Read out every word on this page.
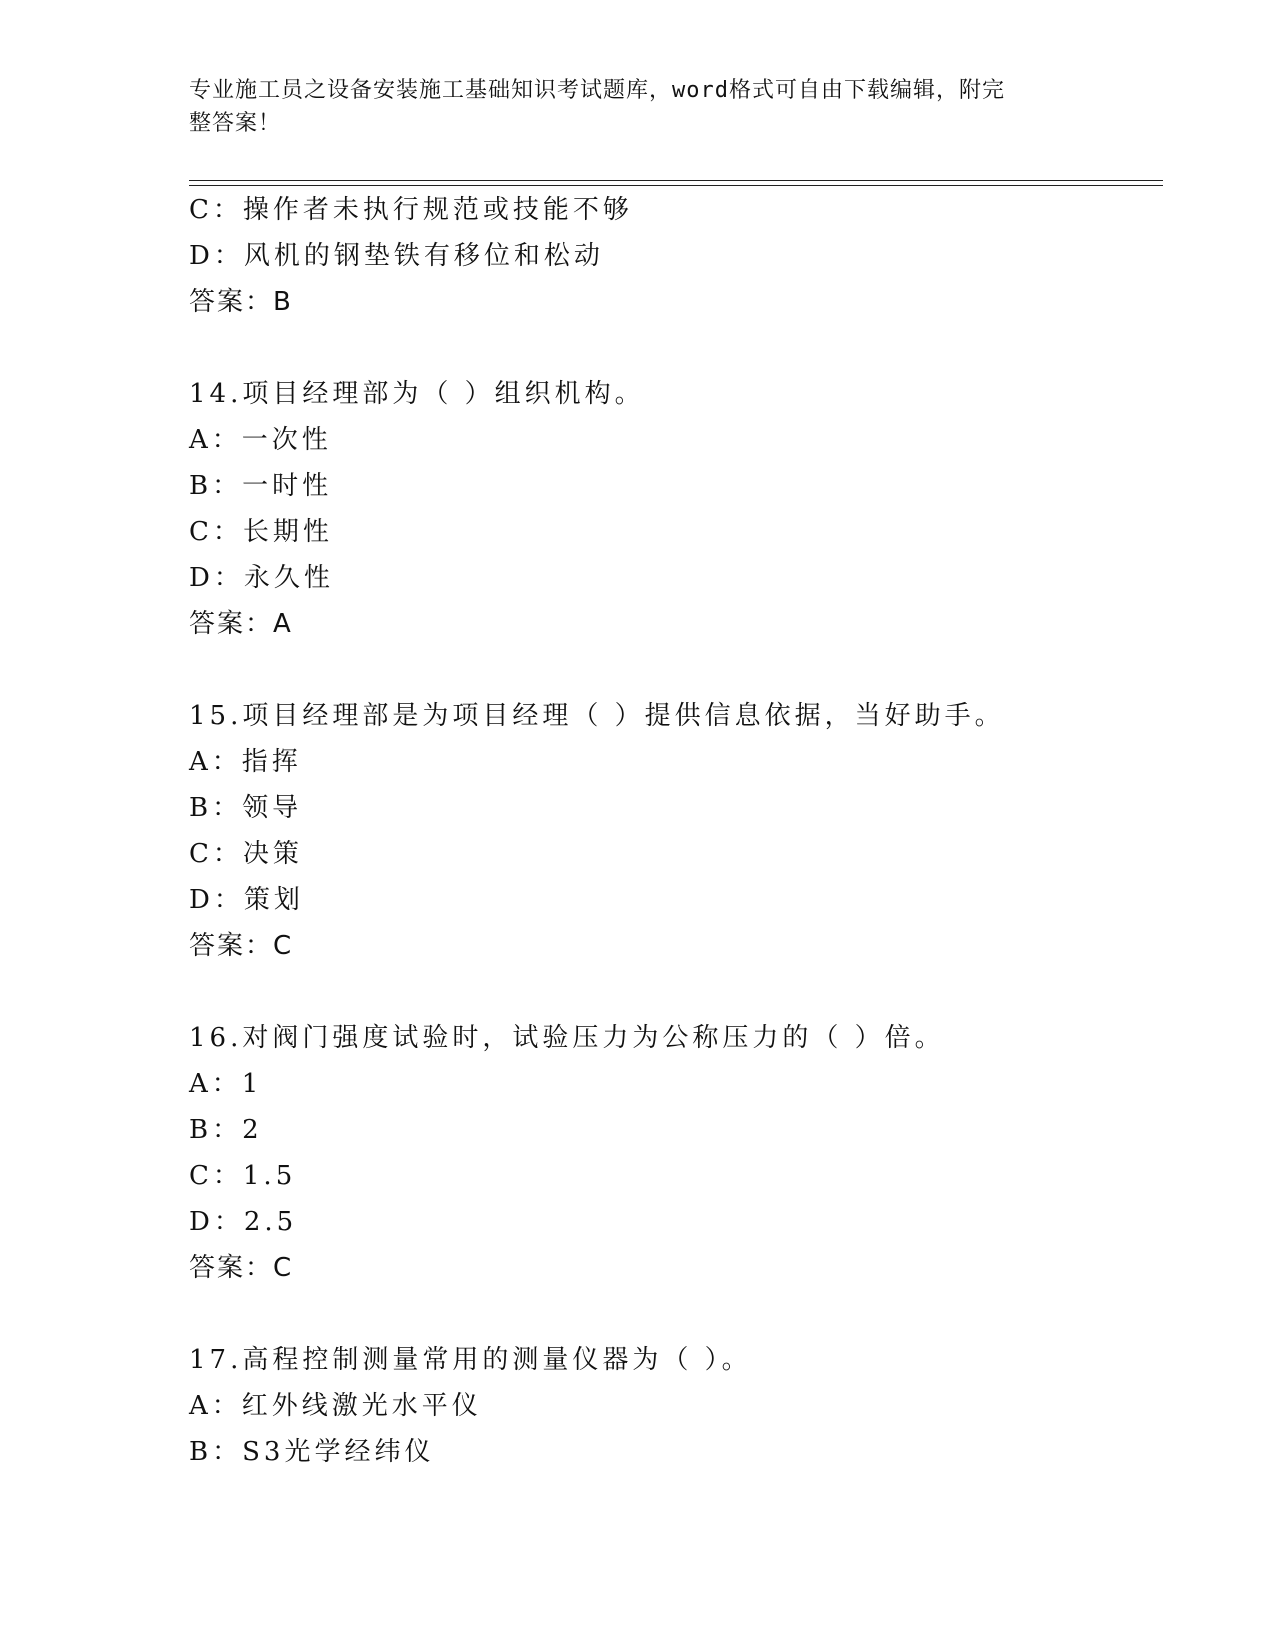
专业施工员之设备安装施工基础知识考试题库，word格式可自由下载编辑，附完
整答案！
C：操作者未执行规范或技能不够
D：风机的钢垫铁有移位和松动
答案：B
14.项目经理部为（ ）组织机构。
A：一次性
B：一时性
C：长期性
D：永久性
答案：A
15.项目经理部是为项目经理（ ）提供信息依据，当好助手。
A：指挥
B：领导
C：决策
D：策划
答案：C
16.对阀门强度试验时，试验压力为公称压力的（ ）倍。
A：1
B：2
C：1.5
D：2.5
答案：C
17.高程控制测量常用的测量仪器为（ ）。
A：红外线激光水平仪
B：S3光学经纬仪
